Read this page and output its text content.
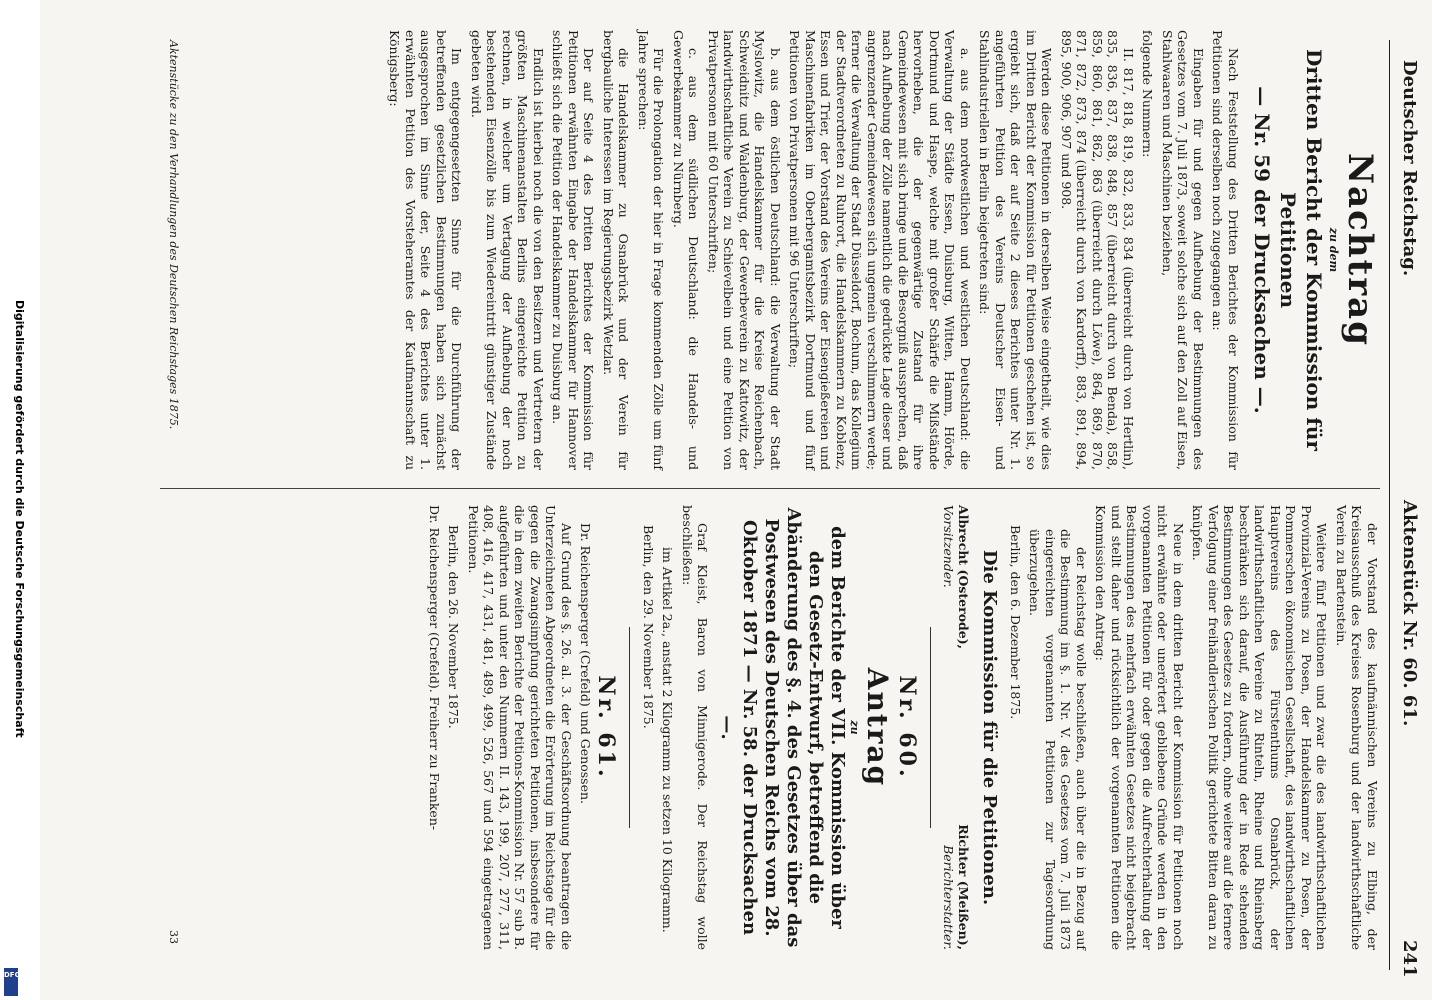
Digitalisierung gefördert durch die Deutsche Forschungsgemeinschaft
DFG
Deutscher Reichstag.
Aktenstück Nr. 60. 61.
241
Nachtrag
zu dem
Dritten Bericht der Kommission für Petitionen
— Nr. 59 der Drucksachen —.

Nach Feststellung des Dritten Berichtes der Kommission für Petitionen sind derselben noch zugegangen an:

Eingaben für und gegen Aufhebung der Bestimmungen des Gesetzes vom 7. Juli 1873, soweit solche sich auf den Zoll auf Eisen, Stahlwaaren und Maschinen beziehen,

folgende Nummern:

II. 817, 818, 819, 832, 833, 834 (überreicht durch von Hertlin), 835, 836, 837, 838, 848, 857 (überreicht durch von Benda), 858, 859, 860, 861, 862, 863 (überreicht durch Löwe), 864, 869, 870, 871, 872, 873, 874 (überreicht durch von Kardorff), 883, 891, 894, 895, 900, 906, 907 und 908.

Werden diese Petitionen in derselben Weise eingetheilt, wie dies im Dritten Bericht der Kommission für Petitionen geschehen ist, so ergiebt sich, daß der auf Seite 2 dieses Berichtes unter Nr. 1. angeführten Petition des Vereins Deutscher Eisen- und Stahlindustriellen in Berlin beigetreten sind:

a. aus dem nordwestlichen und westlichen Deutschland: die Verwaltung der Städte Essen, Duisburg, Witten, Hamm, Hörde, Dortmund und Haspe, welche mit großer Schärfe die Mißstände hervorheben, die der gegenwärtige Zustand für ihre Gemeindewesen mit sich bringe und die Besorgniß aussprechen, daß nach Aufhebung der Zölle namentlich die gedrückte Lage dieser und angrenzender Gemeindewesen sich ungemein verschlimmern werde; ferner die Verwaltung der Stadt Düsseldorf, Bochum, das Kollegium der Stadtverordneten zu Ruhrort, die Handelskammern zu Koblenz, Essen und Trier, der Vorstand des Vereins der Eisengießereien und Maschinenfabriken im Oberbergamtsbezirk Dortmund und fünf Petitionen von Privatpersonen mit 96 Unterschriften;

b. aus dem östlichen Deutschland: die Verwaltung der Stadt Myslowitz, die Handelskammer für die Kreise Reichenbach, Schweidnitz und Waldenburg, der Gewerbeverein zu Kattowitz, der landwirthschaftliche Verein zu Schievelbein und eine Petition von Privatpersonen mit 60 Unterschriften;

c. aus dem südlichen Deutschland: die Handels- und Gewerbekammer zu Nürnberg.

Für die Prolongation der hier in Frage kommenden Zölle um fünf Jahre sprechen:

die Handelskammer zu Osnabrück und der Verein für bergbauliche Interessen im Regierungsbezirk Wetzlar.

Der auf Seite 4 des Dritten Berichtes der Kommission für Petitionen erwähnten Eingabe der Handelskammer für Hannover schließt sich die Petition der Handelskammer zu Duisburg an.

Endlich ist hierbei noch die von den Besitzern und Vertretern der größten Maschinenanstalten Berlins eingereichte Petition zu rechnen, in welcher um Vertagung der Aufhebung der noch bestehenden Eisenzölle bis zum Wiedereintritt günstiger Zustände gebeten wird.

Im entgegengesetzten Sinne für die Durchführung der betreffenden gesetzlichen Bestimmungen haben sich zunächst ausgesprochen im Sinne der, Seite 4 des Berichtes unter 1. erwähnten Petition des Vorsteheramtes der Kaufmannschaft zu Königsberg:

Aktenstücke zu den Verhandlungen des Deutschen Reichstages 1875.

der Vorstand des kaufmännischen Vereins zu Elbing, der Kreisausschuß des Kreises Rosenburg und der landwirthschaftliche Verein zu Bartenstein.

Weitere fünf Petitionen und zwar die des landwirthschaftlichen Provinzial-Vereins zu Posen, der Handelskammer zu Posen, der Pommerschen ökonomischen Gesellschaft, des landwirthschaftlichen Hauptvereins des Fürstenthums Osnabrück, der landwirthschaftlichen Vereine zu Rinteln, Rheine und Rheinsberg beschränken sich darauf, die Ausführung der in Rede stehenden Bestimmungen des Gesetzes zu fordern, ohne weitere auf die fernere Verfolgung einer freihändlerischen Politik gerichtete Bitten daran zu knüpfen.

Neue in dem dritten Bericht der Kommission für Petitionen noch nicht erwähnte oder unerörtert gebliebene Gründe werden in den vorgenannten Petitionen für oder gegen die Aufrechterhaltung der Bestimmungen des mehrfach erwähnten Gesetzes nicht beigebracht und stellt daher und rücksichtlich der vorgenannten Petitionen die Kommission den Antrag:

der Reichstag wolle beschließen, auch über die in Bezug auf die Bestimmung im §. 1. Nr. V. des Gesetzes vom 7. Juli 1873 eingereichten vorgenannten Petitionen zur Tagesordnung überzugehen.

Berlin, den 6. Dezember 1875.

Die Kommission für die Petitionen.
Albrecht (Osterode),
Vorsitzender.
Richter (Meißen),
Berichterstatter.
Nr. 60.
Antrag
zu
dem Berichte der VII. Kommission über den Gesetz-Entwurf, betreffend die Abänderung des §. 4. des Gesetzes über das Postwesen des Deutschen Reichs vom 28. Oktober 1871 — Nr. 58. der Drucksachen —.

Graf Kleist, Baron von Minnigerode. Der Reichstag wolle beschließen:

im Artikel 2a., anstatt 2 Kilogramm zu setzen 10 Kilogramm.

Berlin, den 29. November 1875.

Nr. 61.

Dr. Reichensperger (Crefeld) und Genossen.

Auf Grund des §. 26. al. 3. der Geschäftsordnung beantragen die Unterzeichneten Abgeordneten die Erörterung im Reichstage für die gegen die Zwangsimpfung gerichteten Petitionen, insbesondere für die in dem zweiten Berichte der Petitions-Kommission Nr. 57 sub B. aufgeführten und unter den Nummern II. 143, 199, 207, 277, 311, 408, 416, 417, 431, 481, 489, 499, 526, 567 und 594 eingetragenen Petitionen.

Berlin, den 26. November 1875.

Dr. Reichensperger (Crefeld). Freiherr zu Franken-

33
